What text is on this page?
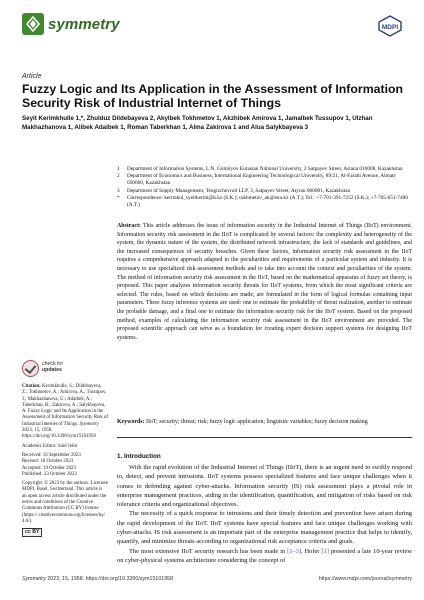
symmetry	MDPI
Article
Fuzzy Logic and Its Application in the Assessment of Information Security Risk of Industrial Internet of Things
Seyit Kerimkhulle 1,*, Zhulduz Dildebayeva 2, Akylbek Tokhmetov 1, Akzhibek Amirova 1, Jamalbek Tussupov 1, Ulzhan Makhazhanova 1, Alibek Adalbek 1, Roman Taberkhan 1, Alma Zakirova 1 and Alua Salykbayeva 3
1 Department of Information Systems, L.N. Gumilyov Eurasian National University, 2 Satpayev Street, Astana 010008, Kazakhstan
2 Department of Economics and Business, International Engineering Technological University, 89/21, Al-Farabi Avenue, Almaty 050060, Kazakhstan
3 Department of Supply Management, Tengizchevroil LLP, 3, Satpayev Street, Atyrau 060001, Kazakhstan
* Correspondence: kerimkul_syeitkerim@k.kz (S.K.); tokhmetov_ak@enu.kz (A.T.); Tel.: +7-701-391-7252 (S.K.); +7-705-651-7480 (A.T.)
Abstract: This article addresses the issue of information security in the Industrial Internet of Things (IIoT) environment. Information security risk assessment in the IIoT is complicated by several factors: the complexity and heterogeneity of the system, the dynamic nature of the system, the distributed network infrastructure, the lack of standards and guidelines, and the increased consequences of security breaches. Given these factors, information security risk assessment in the IIoT requires a comprehensive approach adapted to the peculiarities and requirements of a particular system and industry. It is necessary to use specialized risk assessment methods and to take into account the context and peculiarities of the system. The method of information security risk assessment in the IIoT, based on the mathematical apparatus of fuzzy set theory, is proposed. This paper analyzes information security threats for IIoT systems, from which the most significant criteria are selected. The rules, based on which decisions are made, are formulated in the form of logical formulas containing input parameters. Three fuzzy inference systems are used: one to estimate the probability of threat realization, another to estimate the probable damage, and a final one to estimate the information security risk for the IIoT system. Based on the proposed method, examples of calculating the information security risk assessment in the IIoT environment are provided. The proposed scientific approach can serve as a foundation for creating expert decision support systems for designing IIoT systems.
Keywords: IIoT; security; threat; risk; fuzzy logic application; linguistic variables; fuzzy decision making
check for
updates
Citation: Kerimkhulle, S.; Dildebayeva, Z.; Tokhmetov, A.; Amirova, A.; Tussupov, J.; Makhazhanova, U.; Adalbek, A.; Taberkhan, R.; Zakirova, A.; Salykbayeva, A. Fuzzy Logic and Its Application in the Assessment of Information Security Risk of Industrial Internet of Things. Symmetry 2023, 15, 1958. https://doi.org/10.3390/sym15101958
Academic Editor: Saïd Jelot
Received: 16 September 2023
Revised: 18 October 2023
Accepted: 19 October 2023
Published: 23 October 2023
Copyright: © 2023 by the authors. Licensee MDPI, Basel, Switzerland. This article is an open access article distributed under the terms and conditions of the Creative Commons Attribution (CC BY) license (https:// creativecommons.org/licenses/by/ 4.0/).
cc BY
1. Introduction

With the rapid evolution of the Industrial Internet of Things (IIoT), there is an urgent need to swiftly respond to, detect, and prevent intrusions. IIoT systems possess specialized features and face unique challenges when it comes to defending against cyber-attacks. Information security (IS) risk assessment plays a pivotal role in enterprise management practices, aiding in the identification, quantification, and mitigation of risks based on risk tolerance criteria and organizational objectives.

The necessity of a quick response to intrusions and their timely detection and prevention have arisen during the rapid development of the IIoT. IIoT systems have special features and face unique challenges working with cyber-attacks. IS risk assessment is an important part of the enterprise management practice that helps to identify, quantify, and minimize threats according to organizational risk acceptance criteria and goals.

The most extensive IIoT security research has been made in [1–3]. Hofer [1] presented a late 10-year review on cyber-physical systems architecture considering the concept of

Symmetry 2023, 15, 1958. https://doi.org/10.3390/sym15101958	https://www.mdpi.com/journal/symmetry
